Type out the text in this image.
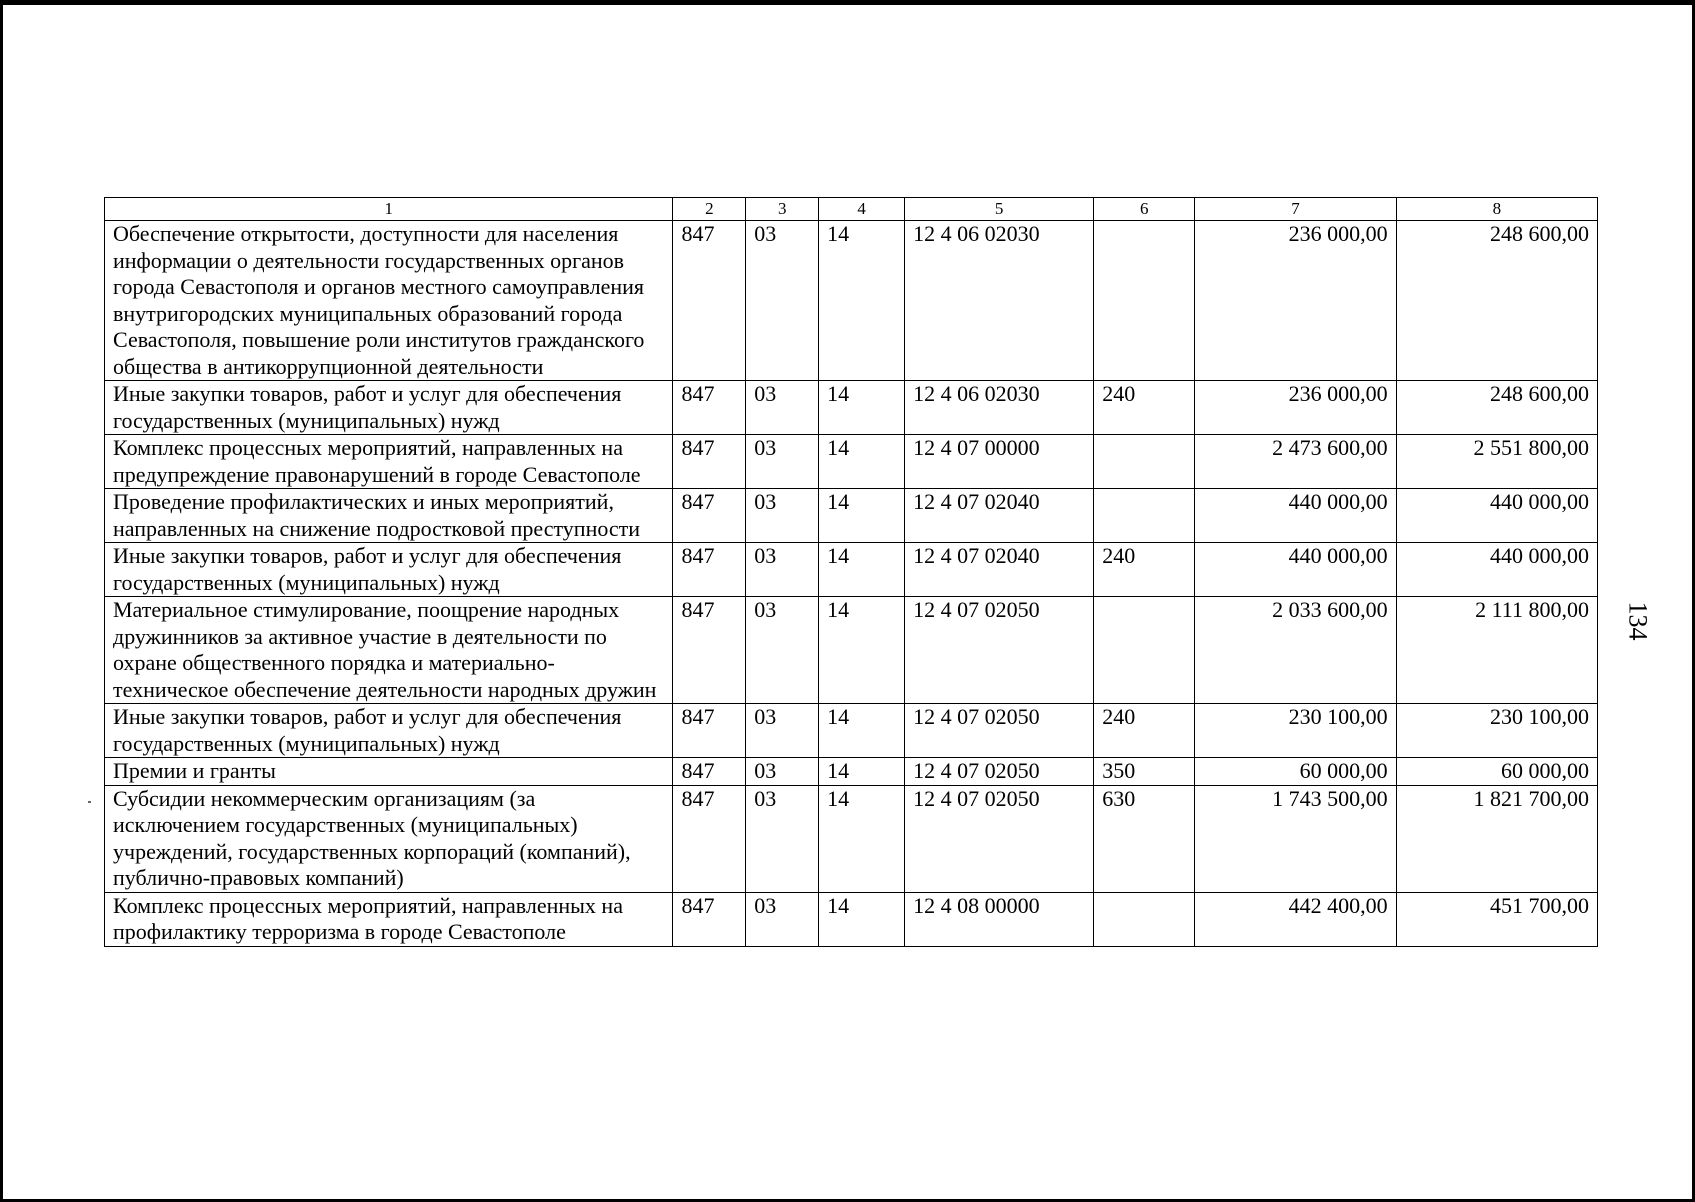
1	2	3	4	5	6	7	8
Обеспечение открытости, доступности для населения информации о деятельности государственных органов города Севастополя и органов местного самоуправления внутригородских муниципальных образований города Севастополя, повышение роли институтов гражданского общества в антикоррупционной деятельности	847	03	14	12 4 06 02030		236 000,00	248 600,00
Иные закупки товаров, работ и услуг для обеспечения государственных (муниципальных) нужд	847	03	14	12 4 06 02030	240	236 000,00	248 600,00
Комплекс процессных мероприятий, направленных на предупреждение правонарушений в городе Севастополе	847	03	14	12 4 07 00000		2 473 600,00	2 551 800,00
Проведение профилактических и иных мероприятий, направленных на снижение подростковой преступности	847	03	14	12 4 07 02040		440 000,00	440 000,00
Иные закупки товаров, работ и услуг для обеспечения государственных (муниципальных) нужд	847	03	14	12 4 07 02040	240	440 000,00	440 000,00
Материальное стимулирование, поощрение народных дружинников за активное участие в деятельности по охране общественного порядка и материально-техническое обеспечение деятельности народных дружин	847	03	14	12 4 07 02050		2 033 600,00	2 111 800,00
Иные закупки товаров, работ и услуг для обеспечения государственных (муниципальных) нужд	847	03	14	12 4 07 02050	240	230 100,00	230 100,00
Премии и гранты	847	03	14	12 4 07 02050	350	60 000,00	60 000,00
Субсидии некоммерческим организациям (за исключением государственных (муниципальных) учреждений, государственных корпораций (компаний), публично-правовых компаний)	847	03	14	12 4 07 02050	630	1 743 500,00	1 821 700,00
Комплекс процессных мероприятий, направленных на профилактику терроризма в городе Севастополе	847	03	14	12 4 08 00000		442 400,00	451 700,00
134
